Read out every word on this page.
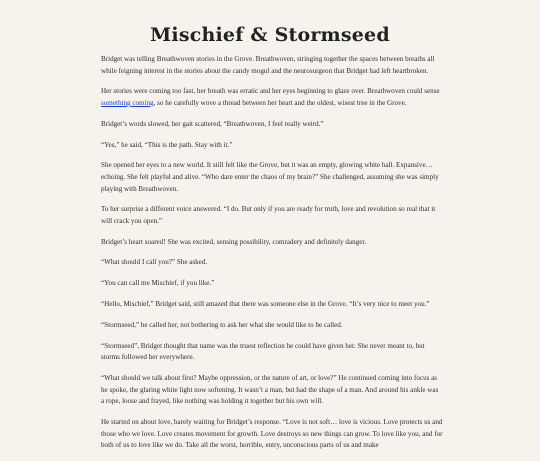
Mischief & Stormseed

Bridget was telling Breathwoven stories in the Grove. Breathwoven, stringing together the spaces between breaths all while feigning interest in the stories about the candy mogul and the neurosurgeon that Bridget had left heartbroken.

Her stories were coming too fast, her breath was erratic and her eyes beginning to glaze over. Breathwoven could sense something coming, so he carefully wove a thread between her heart and the oldest, wisest tree in the Grove.

Bridget’s words slowed, her gait scattered, “Breathwoven, I feel really weird.”

“Yes,” he said, “This is the path. Stay with it.”

She opened her eyes to a new world. It still felt like the Grove, but it was an empty, glowing white hall. Expansive… echoing. She felt playful and alive. “Who dare enter the chaos of my brain?” She challenged, assuming she was simply playing with Breathwoven.

To her surprise a different voice answered. “I do. But only if you are ready for truth, love and revolution so real that it will crack you open.”

Bridget’s heart soared! She was excited, sensing possibility, comradery and definitely danger.

“What should I call you?” She asked.

“You can call me Mischief, if you like.”

“Hello, Mischief,” Bridget said, still amazed that there was someone else in the Grove. “It’s very nice to meet you.”

“Stormseed,” he called her, not bothering to ask her what she would like to be called.

“Stormseed”, Bridget thought that name was the truest reflection he could have given her. She never meant to, but storms followed her everywhere.

“What should we talk about first? Maybe oppression, or the nature of art, or love?” He continued coming into focus as he spoke, the glaring white light now softening. It wasn’t a man, but had the shape of a man. And around his ankle was a rope, loose and frayed, like nothing was holding it together but his own will.

He started on about love, barely waiting for Bridget’s response. “Love is not soft… love is vicious. Love protects us and those who we love. Love creates movement for growth. Love destroys so new things can grow. To love like you, and for both of us to love like we do. Take all the worst, horrible, entry, unconscious parts of us and make
